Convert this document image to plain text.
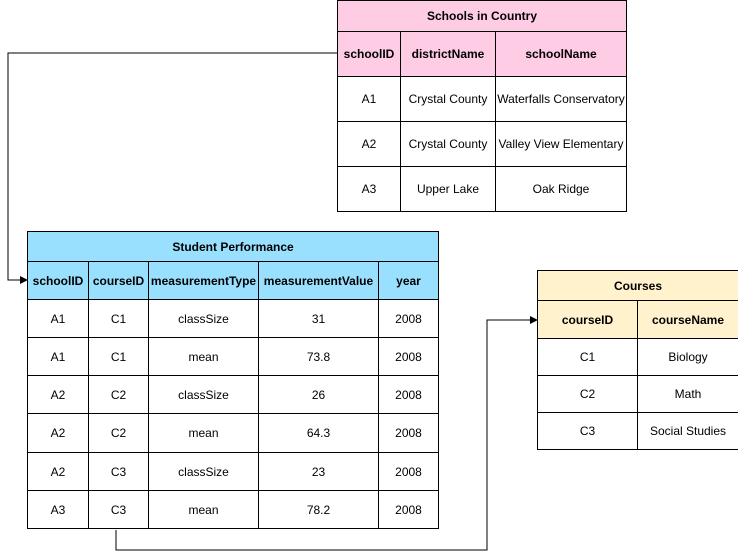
Schools in Country		
schoolID	districtName	schoolName
A1	Crystal County	Waterfalls Conservatory
A2	Crystal County	Valley View Elementary
A3	Upper Lake	Oak Ridge
Student Performance				
schoolID	courseID	measurementType	measurementValue	year
A1	C1	classSize	31	2008
A1	C1	mean	73.8	2008
A2	C2	classSize	26	2008
A2	C2	mean	64.3	2008
A2	C3	classSize	23	2008
A3	C3	mean	78.2	2008
Courses	
courseID	courseName
C1	Biology
C2	Math
C3	Social Studies
